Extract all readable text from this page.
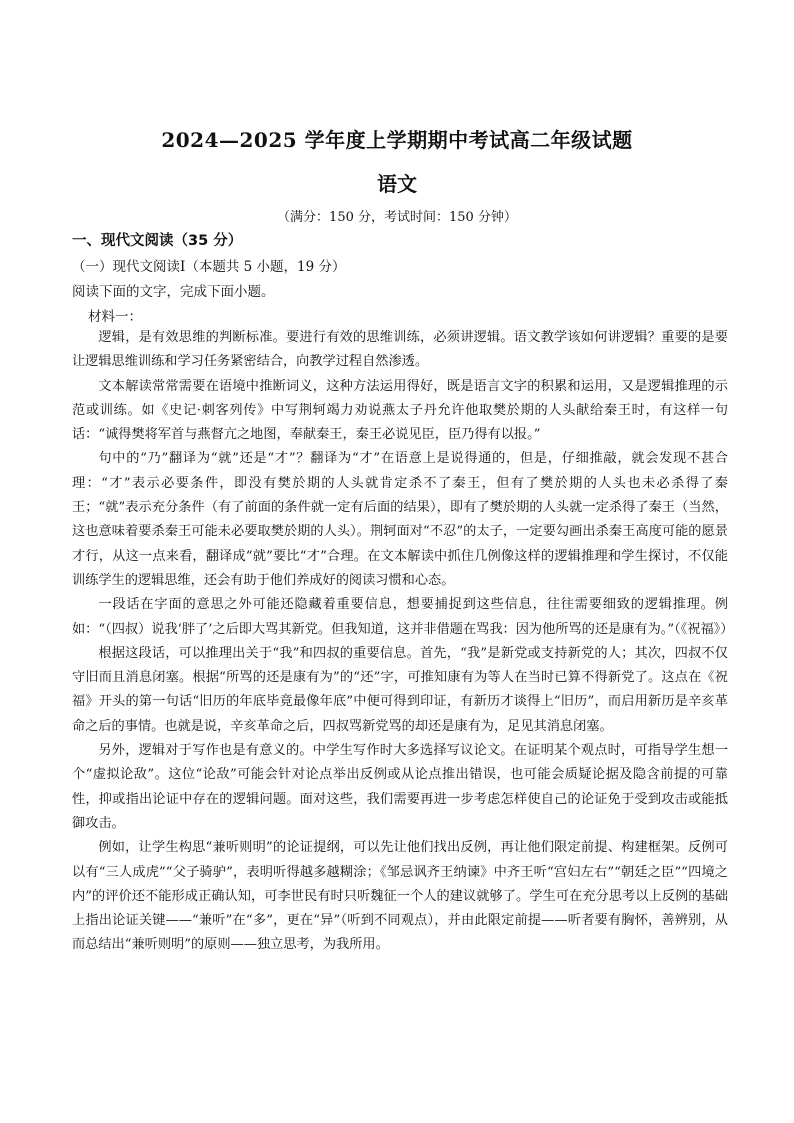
2024—2025 学年度上学期期中考试高二年级试题
语文
（满分：150 分，考试时间：150 分钟）
一、现代文阅读（35 分）
（一）现代文阅读Ⅰ（本题共 5 小题，19 分）
阅读下面的文字，完成下面小题。
材料一：

逻辑，是有效思维的判断标准。要进行有效的思维训练，必须讲逻辑。语文教学该如何讲逻辑？重要的是要让逻辑思维训练和学习任务紧密结合，向教学过程自然渗透。

文本解读常常需要在语境中推断词义，这种方法运用得好，既是语言文字的积累和运用，又是逻辑推理的示范或训练。如《史记·刺客列传》中写荆轲竭力劝说燕太子丹允许他取樊於期的人头献给秦王时，有这样一句话：“诚得樊将军首与燕督亢之地图，奉献秦王，秦王必说见臣，臣乃得有以报。”

句中的“乃”翻译为“就”还是“才”？翻译为“才”在语意上是说得通的，但是，仔细推敲，就会发现不甚合理：“才”表示必要条件，即没有樊於期的人头就肯定杀不了秦王，但有了樊於期的人头也未必杀得了秦王；“就”表示充分条件（有了前面的条件就一定有后面的结果），即有了樊於期的人头就一定杀得了秦王（当然，这也意味着要杀秦王可能未必要取樊於期的人头）。荆轲面对“不忍”的太子，一定要勾画出杀秦王高度可能的愿景才行，从这一点来看，翻译成“就”要比“才”合理。在文本解读中抓住几例像这样的逻辑推理和学生探讨，不仅能训练学生的逻辑思维，还会有助于他们养成好的阅读习惯和心态。

一段话在字面的意思之外可能还隐藏着重要信息，想要捕捉到这些信息，往往需要细致的逻辑推理。例如：“（四叔）说我‘胖了’之后即大骂其新党。但我知道，这并非借题在骂我：因为他所骂的还是康有为。”（《祝福》）

根据这段话，可以推理出关于“我”和四叔的重要信息。首先，“我”是新党或支持新党的人；其次，四叔不仅守旧而且消息闭塞。根据“所骂的还是康有为”的“还”字，可推知康有为等人在当时已算不得新党了。这点在《祝福》开头的第一句话“旧历的年底毕竟最像年底”中便可得到印证，有新历才谈得上“旧历”，而启用新历是辛亥革命之后的事情。也就是说，辛亥革命之后，四叔骂新党骂的却还是康有为，足见其消息闭塞。

另外，逻辑对于写作也是有意义的。中学生写作时大多选择写议论文。在证明某个观点时，可指导学生想一个“虚拟论敌”。这位“论敌”可能会针对论点举出反例或从论点推出错误，也可能会质疑论据及隐含前提的可靠性，抑或指出论证中存在的逻辑问题。面对这些，我们需要再进一步考虑怎样使自己的论证免于受到攻击或能抵御攻击。

例如，让学生构思“兼听则明”的论证提纲，可以先让他们找出反例，再让他们限定前提、构建框架。反例可以有“三人成虎”“父子骑驴”，表明听得越多越糊涂；《邹忌讽齐王纳谏》中齐王听“宫妇左右”“朝廷之臣”“四境之内”的评价还不能形成正确认知，可李世民有时只听魏征一个人的建议就够了。学生可在充分思考以上反例的基础上指出论证关键——“兼听”在“多”，更在“异”（听到不同观点），并由此限定前提——听者要有胸怀，善辨别，从而总结出“兼听则明”的原则——独立思考，为我所用。
